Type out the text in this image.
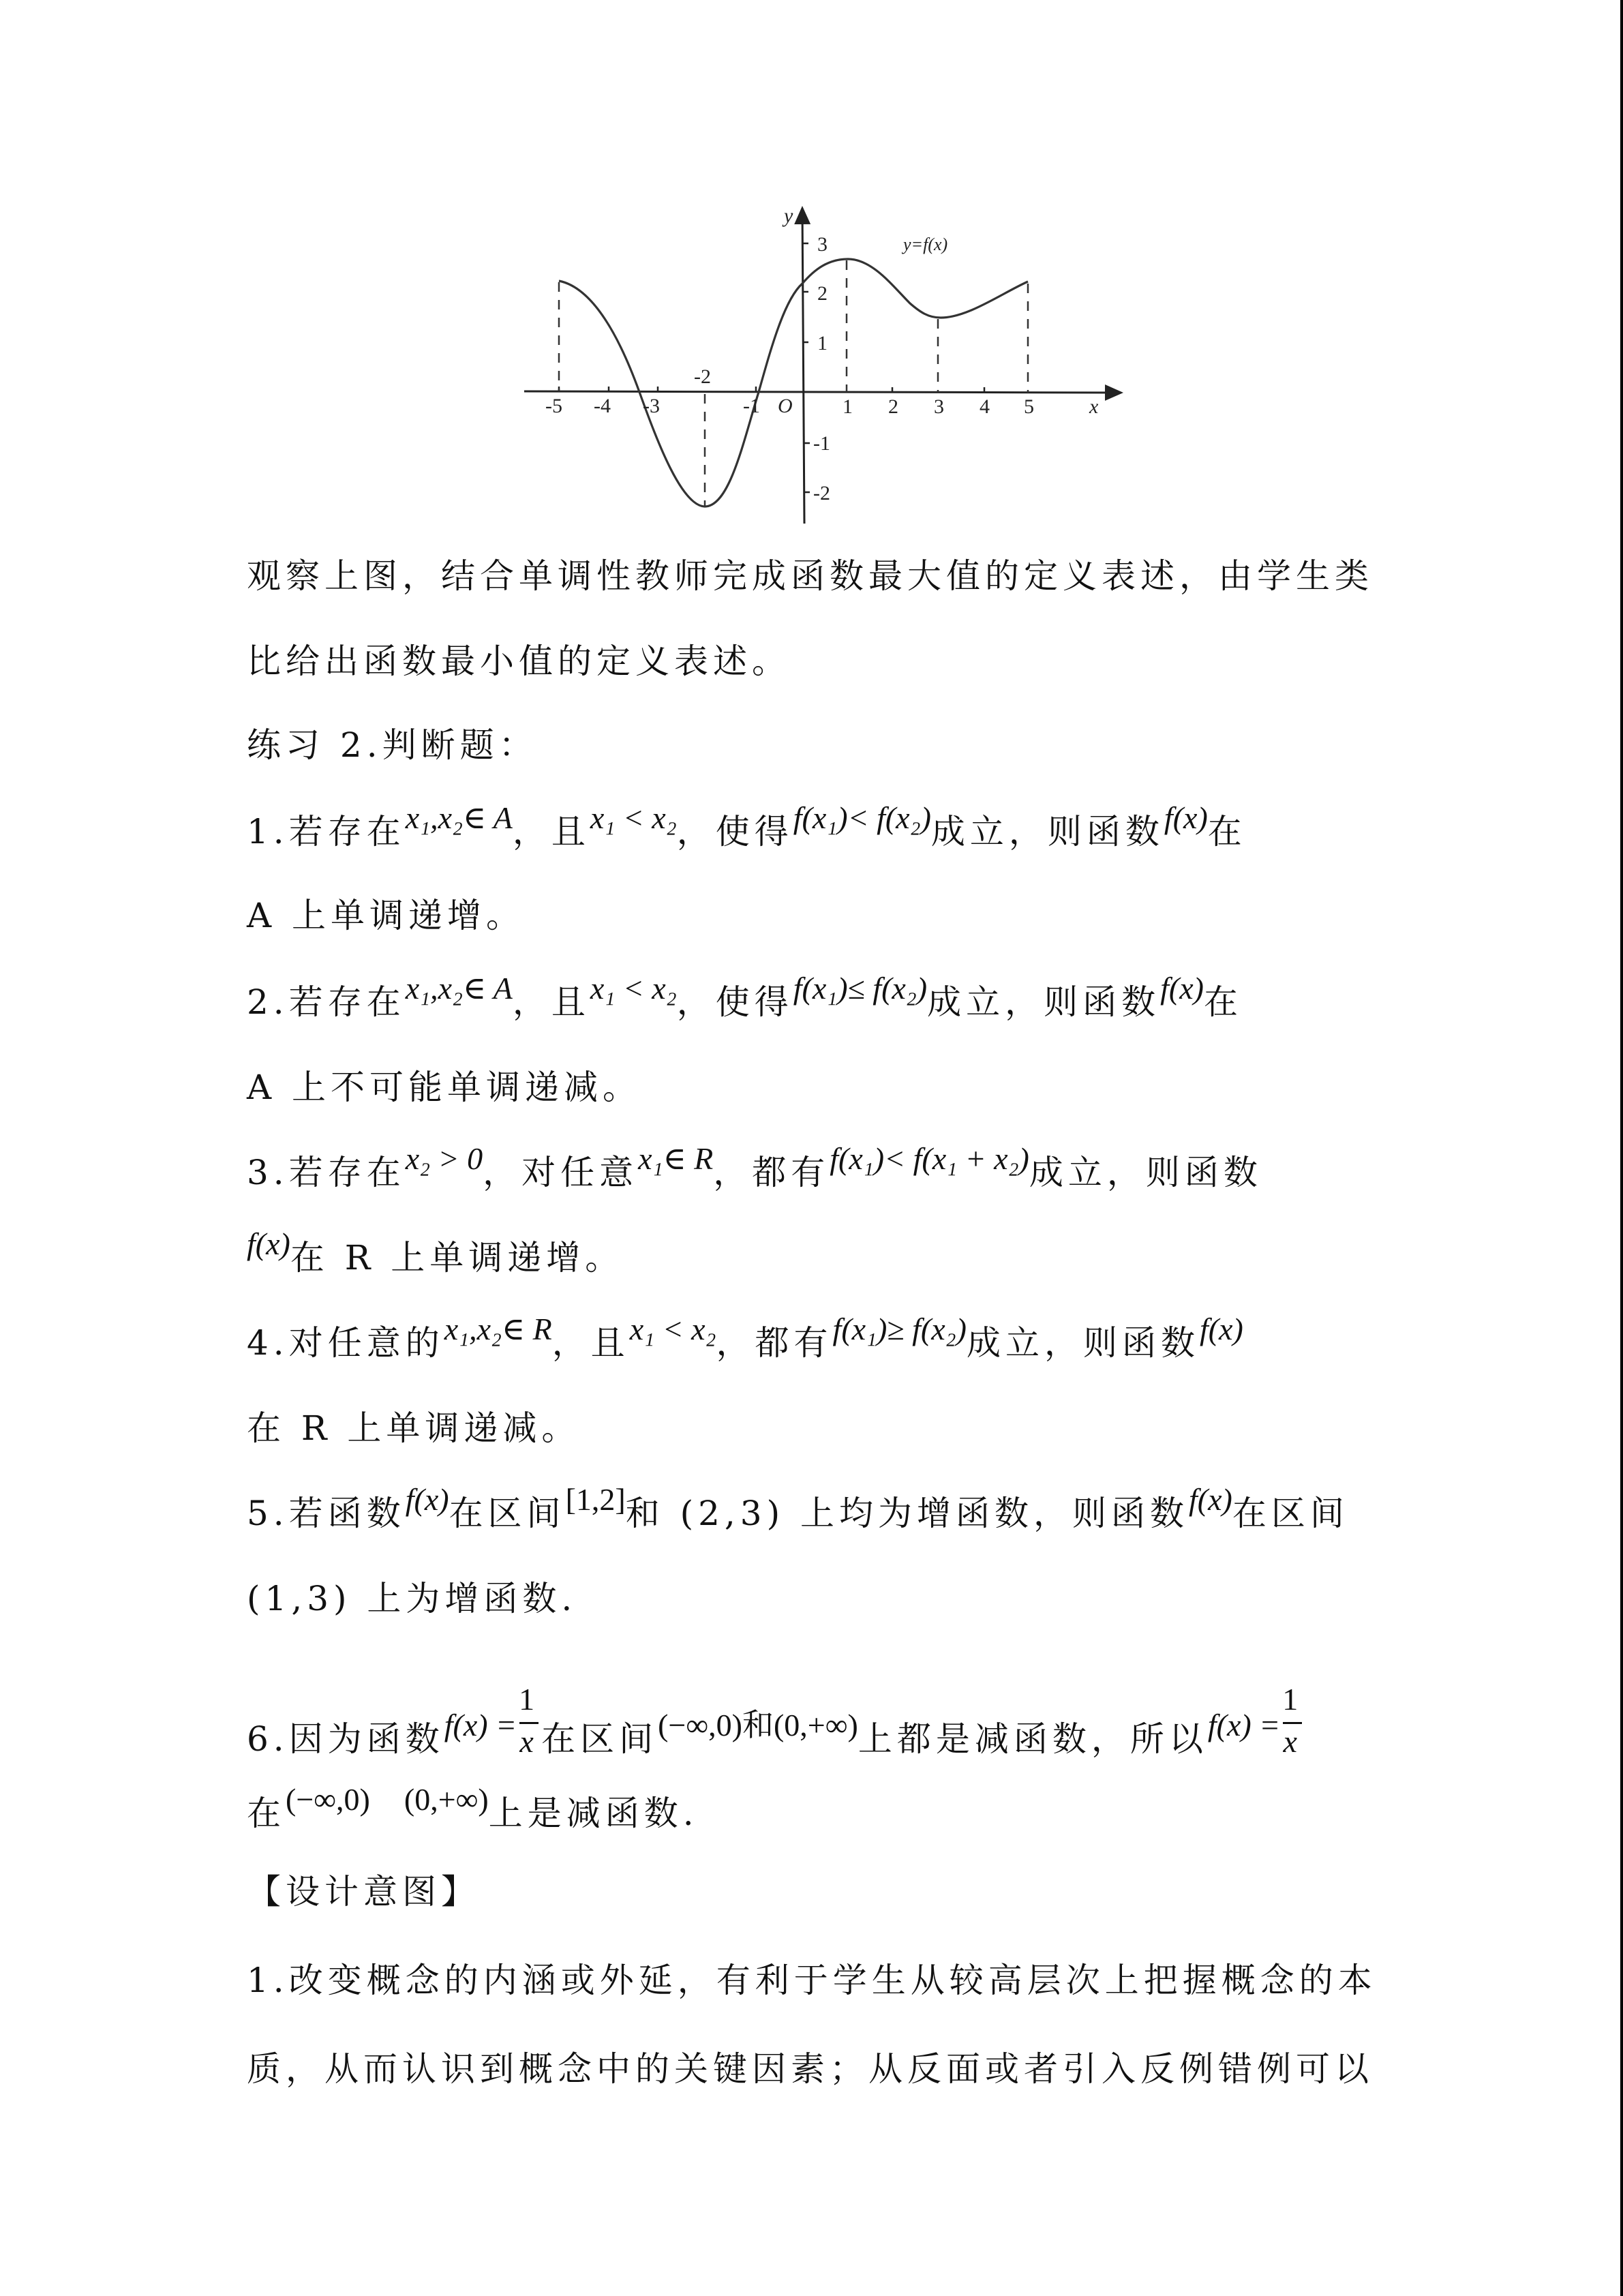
-5 -4 -3	-1	1 2 3 4 5
-2
3
2
1
-1
-2
O	x
y
y=f(x)
观察上图，结合单调性教师完成函数最大值的定义表述，由学生类
比给出函数最小值的定义表述。
练习 2.判断题：
1.若存在x₁,x₂∈ A，且x₁ < x₂，使得f(x₁)< f(x₂)成立，则函数f(x)在
A 上单调递增。
2.若存在x₁,x₂∈ A，且x₁ < x₂，使得f(x₁)≤ f(x₂)成立，则函数f(x)在
A 上不可能单调递减。
3.若存在x₂ > 0，对任意x₁∈ R，都有f(x₁)< f(x₁ + x₂)成立，则函数
f(x)在 R 上单调递增。
4.对任意的x₁,x₂∈ R，且x₁ < x₂，都有f(x₁)≥ f(x₂)成立，则函数f(x)
在 R 上单调递减。
5.若函数f(x)在区间[1,2]和 (2,3) 上均为增函数，则函数f(x)在区间
(1,3) 上为增函数.
6.因为函数$f(x) = \frac{1}{x}$ 在区间(−∞,0)和(0,+∞)上都是减函数，所以$f(x) = \frac{1}{x}$
在(−∞,0) (0,+∞)上是减函数.
【设计意图】
1.改变概念的内涵或外延，有利于学生从较高层次上把握概念的本
质，从而认识到概念中的关键因素；从反面或者引入反例错例可以
